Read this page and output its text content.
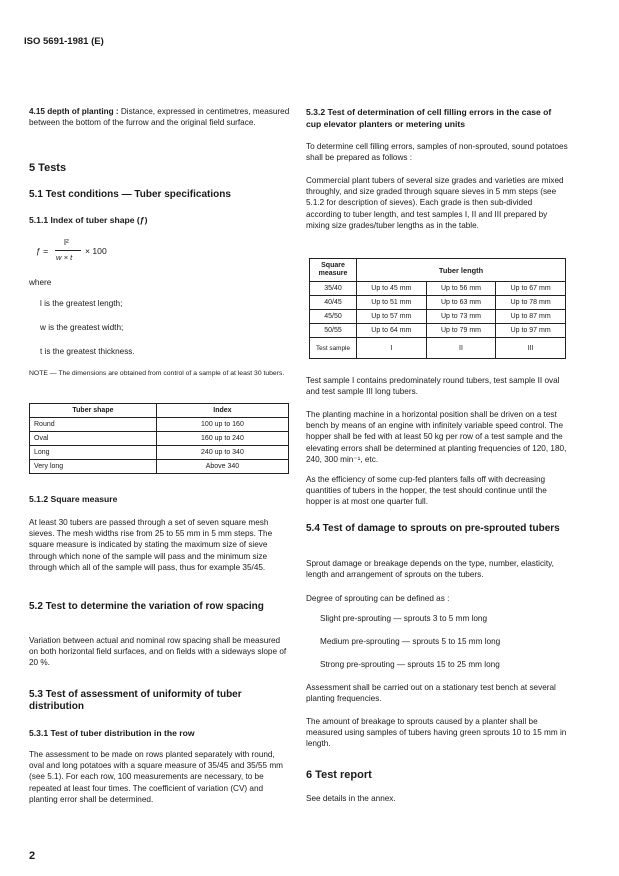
ISO 5691-1981 (E)

4.15 depth of planting : Distance, expressed in centimetres, measured between the bottom of the furrow and the original field surface.

5 Tests
5.1 Test conditions — Tuber specifications
5.1.1 Index of tuber shape (ƒ)
ƒ =
l²
w × t
× 100
where
l is the greatest length;
w is the greatest width;
t is the greatest thickness.
NOTE — The dimensions are obtained from control of a sample of at least 30 tubers.
Tuber shape	Index
Round	100 up to 160
Oval	160 up to 240
Long	240 up to 340
Very long	Above 340
5.1.2 Square measure

At least 30 tubers are passed through a set of seven square mesh sieves. The mesh widths rise from 25 to 55 mm in 5 mm steps. The square measure is indicated by stating the maximum size of sieve through which none of the sample will pass and the minimum size through which all of the sample will pass, thus for example 35/45.

5.2 Test to determine the variation of row spacing

Variation between actual and nominal row spacing shall be measured on both horizontal field surfaces, and on fields with a sideways slope of 20 %.

5.3 Test of assessment of uniformity of tuber distribution
5.3.1 Test of tuber distribution in the row

The assessment to be made on rows planted separately with round, oval and long potatoes with a square measure of 35/45 and 35/55 mm (see 5.1). For each row, 100 measurements are necessary, to be repeated at least four times. The coefficient of variation (CV) and planting error shall be determined.

2
5.3.2 Test of determination of cell filling errors in the case of cup elevator planters or metering units

To determine cell filling errors, samples of non-sprouted, sound potatoes shall be prepared as follows :

Commercial plant tubers of several size grades and varieties are mixed throughly, and size graded through square sieves in 5 mm steps (see 5.1.2 for description of sieves). Each grade is then sub-divided according to tuber length, and test samples I, II and III prepared by mixing size grades/tuber lengths as in the table.

Square measure	Tuber length		
35/40	Up to 45 mm	Up to 56 mm	Up to 67 mm
40/45	Up to 51 mm	Up to 63 mm	Up to 78 mm
45/50	Up to 57 mm	Up to 73 mm	Up to 87 mm
50/55	Up to 64 mm	Up to 79 mm	Up to 97 mm
Test sample	I	II	III

Test sample I contains predominately round tubers, test sample II oval and test sample III long tubers.

The planting machine in a horizontal position shall be driven on a test bench by means of an engine with infinitely variable speed control. The hopper shall be fed with at least 50 kg per row of a test sample and the elevating errors shall be determined at planting frequencies of 120, 180, 240, 300 min⁻¹, etc.

As the efficiency of some cup-fed planters falls off with decreasing quantities of tubers in the hopper, the test should continue until the hopper is at most one quarter full.

5.4 Test of damage to sprouts on pre-sprouted tubers

Sprout damage or breakage depends on the type, number, elasticity, length and arrangement of sprouts on the tubers.

Degree of sprouting can be defined as :
Slight pre-sprouting — sprouts 3 to 5 mm long
Medium pre-sprouting — sprouts 5 to 15 mm long
Strong pre-sprouting — sprouts 15 to 25 mm long

Assessment shall be carried out on a stationary test bench at several planting frequencies.

The amount of breakage to sprouts caused by a planter shall be measured using samples of tubers having green sprouts 10 to 15 mm in length.

6 Test report
See details in the annex.
